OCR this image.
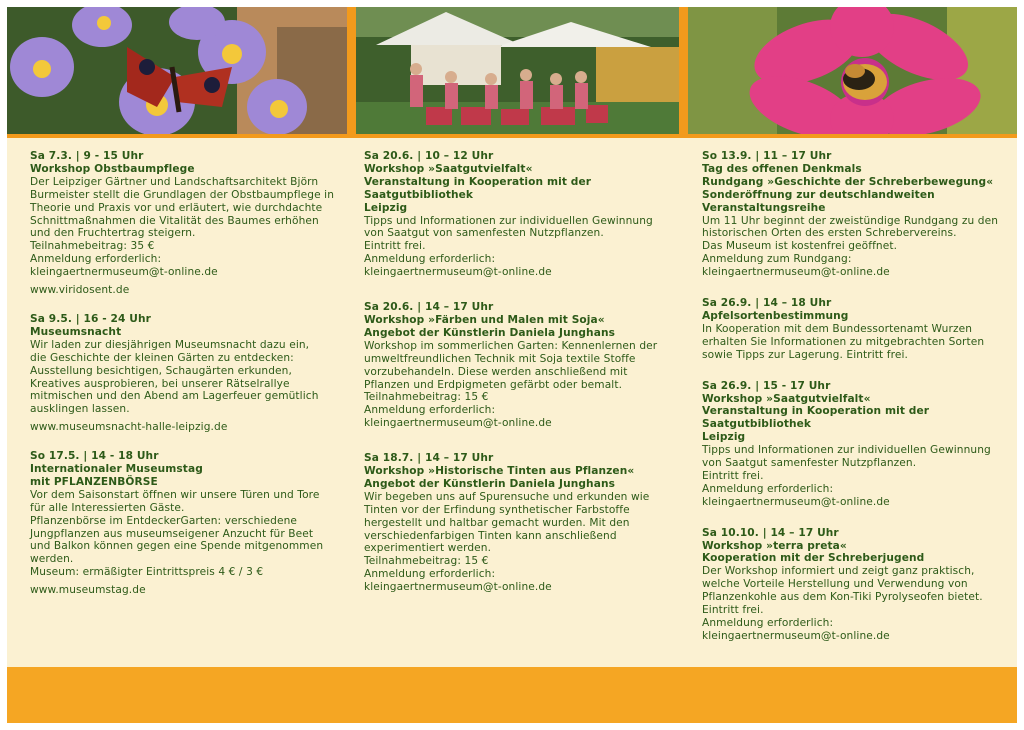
Sa 7.3. | 9 - 15 Uhr

Workshop Obstbaumpflege

Der Leipziger Gärtner und Landschaftsarchitekt Björn

Burmeister stellt die Grundlagen der Obstbaumpflege in

Theorie und Praxis vor und erläutert, wie durchdachte

Schnittmaßnahmen die Vitalität des Baumes erhöhen

und den Fruchtertrag steigern.

Teilnahmebeitrag: 35 €

Anmeldung erforderlich:

kleingaertnermuseum@t-online.de

www.viridosent.de

Sa 9.5. | 16 - 24 Uhr

Museumsnacht

Wir laden zur diesjährigen Museumsnacht dazu ein,

die Geschichte der kleinen Gärten zu entdecken:

Ausstellung besichtigen, Schaugärten erkunden,

Kreatives ausprobieren, bei unserer Rätselrallye

mitmischen und den Abend am Lagerfeuer gemütlich

ausklingen lassen.

www.museumsnacht-halle-leipzig.de

So 17.5. | 14 - 18 Uhr

Internationaler Museumstag

mit PFLANZENBÖRSE

Vor dem Saisonstart öffnen wir unsere Türen und Tore

für alle Interessierten Gäste.

Pflanzenbörse im EntdeckerGarten: verschiedene

Jungpflanzen aus museumseigener Anzucht für Beet

und Balkon können gegen eine Spende mitgenommen

werden.

Museum: ermäßigter Eintrittspreis 4 € / 3 €

www.museumstag.de

Sa 20.6. | 10 – 12 Uhr

Workshop »Saatgutvielfalt«

Veranstaltung in Kooperation mit der Saatgutbibliothek

Leipzig

Tipps und Informationen zur individuellen Gewinnung

von Saatgut von samenfesten Nutzpflanzen.

Eintritt frei.

Anmeldung erforderlich:

kleingaertnermuseum@t-online.de

Sa 20.6. | 14 – 17 Uhr

Workshop »Färben und Malen mit Soja«

Angebot der Künstlerin Daniela Junghans

Workshop im sommerlichen Garten: Kennenlernen der

umweltfreundlichen Technik mit Soja textile Stoffe

vorzubehandeln. Diese werden anschließend mit

Pflanzen und Erdpigmeten gefärbt oder bemalt.

Teilnahmebeitrag: 15 €

Anmeldung erforderlich:

kleingaertnermuseum@t-online.de

Sa 18.7. | 14 – 17 Uhr

Workshop »Historische Tinten aus Pflanzen«

Angebot der Künstlerin Daniela Junghans

Wir begeben uns auf Spurensuche und erkunden wie

Tinten vor der Erfindung synthetischer Farbstoffe

hergestellt und haltbar gemacht wurden. Mit den

verschiedenfarbigen Tinten kann anschließend

experimentiert werden.

Teilnahmebeitrag: 15 €

Anmeldung erforderlich:

kleingaertnermuseum@t-online.de

So 13.9. | 11 – 17 Uhr

Tag des offenen Denkmals

Rundgang »Geschichte der Schreberbewegung«

Sonderöffnung zur deutschlandweiten

Veranstaltungsreihe

Um 11 Uhr beginnt der zweistündige Rundgang zu den

historischen Orten des ersten Schrebervereins.

Das Museum ist kostenfrei geöffnet.

Anmeldung zum Rundgang:

kleingaertnermuseum@t-online.de

Sa 26.9. | 14 – 18 Uhr

Apfelsortenbestimmung

In Kooperation mit dem Bundessortenamt Wurzen

erhalten Sie Informationen zu mitgebrachten Sorten

sowie Tipps zur Lagerung. Eintritt frei.

Sa 26.9. | 15 - 17 Uhr

Workshop »Saatgutvielfalt«

Veranstaltung in Kooperation mit der Saatgutbibliothek

Leipzig

Tipps und Informationen zur individuellen Gewinnung

von Saatgut samenfester Nutzpflanzen.

Eintritt frei.

Anmeldung erforderlich:

kleingaertnermuseum@t-online.de

Sa 10.10. | 14 – 17 Uhr

Workshop »terra preta«

Kooperation mit der Schreberjugend

Der Workshop informiert und zeigt ganz praktisch,

welche Vorteile Herstellung und Verwendung von

Pflanzenkohle aus dem Kon-Tiki Pyrolyseofen bietet.

Eintritt frei.

Anmeldung erforderlich:

kleingaertnermuseum@t-online.de
